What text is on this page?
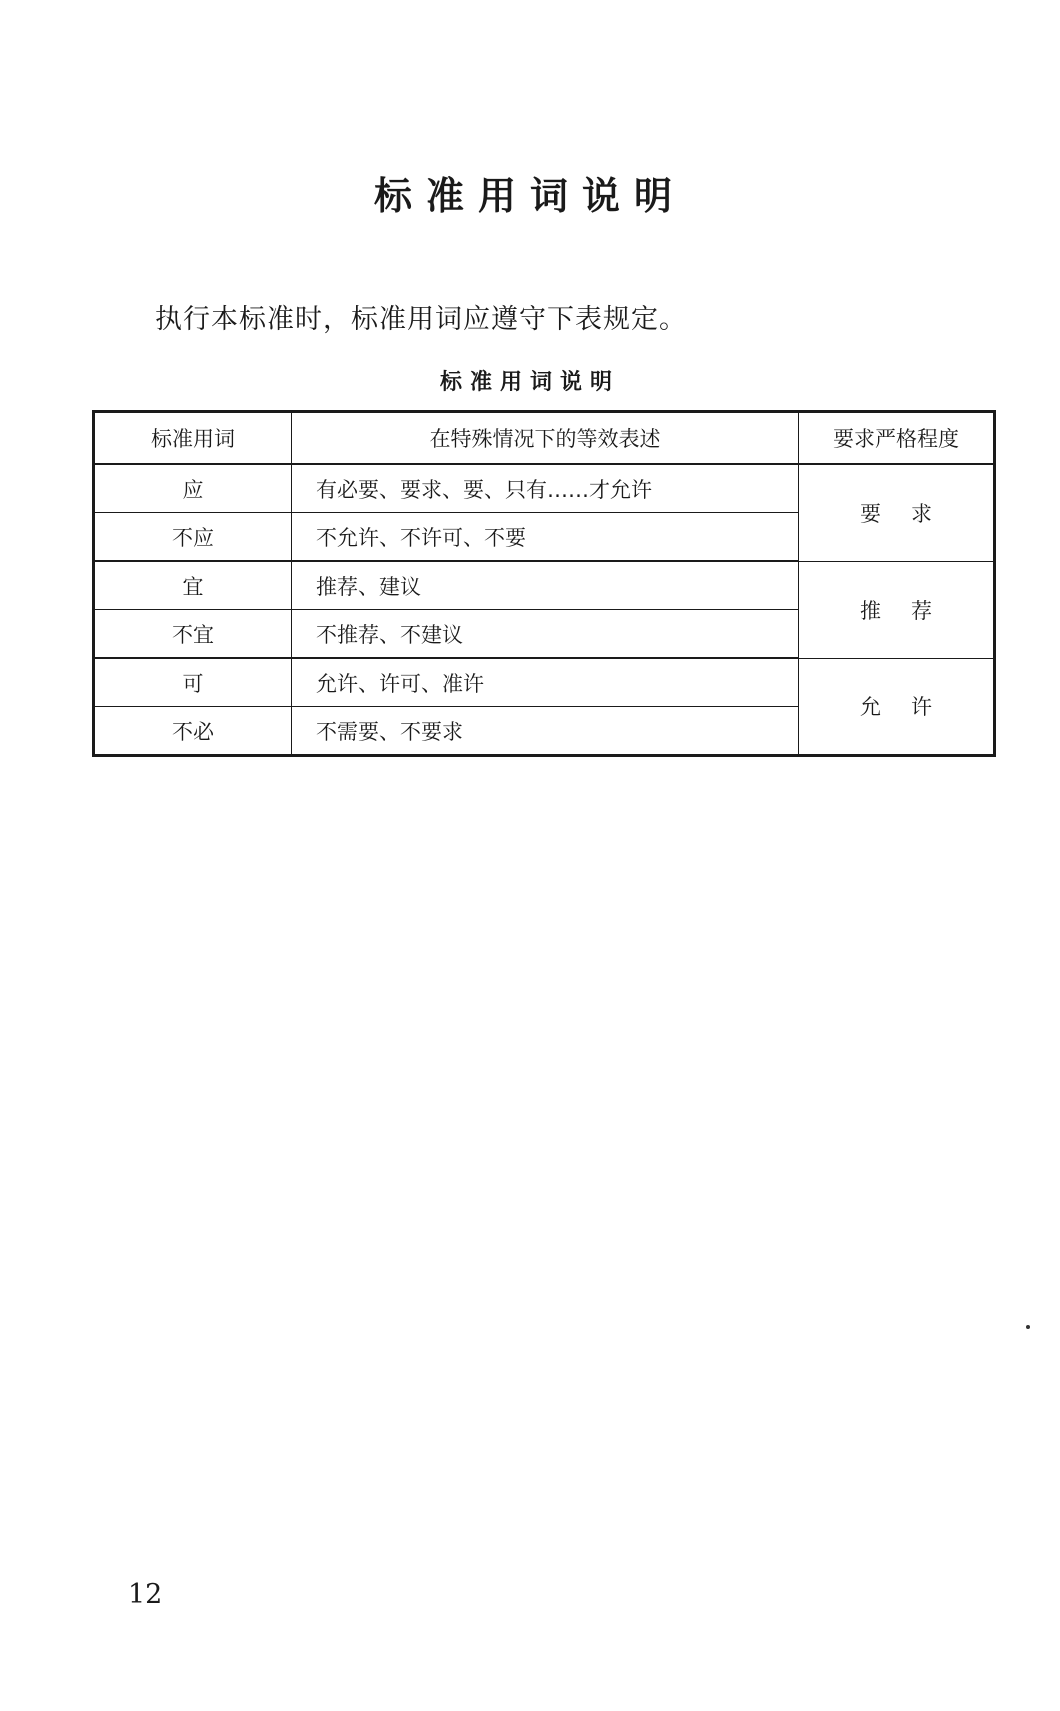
标准用词说明
执行本标准时，标准用词应遵守下表规定。
标准用词说明
标准用词	在特殊情况下的等效表述	要求严格程度
应	有必要、要求、要、只有……才允许	要求
不应	不允许、不许可、不要	
宜	推荐、建议	推荐
不宜	不推荐、不建议	
可	允许、许可、准许	允许
不必	不需要、不要求	
12
